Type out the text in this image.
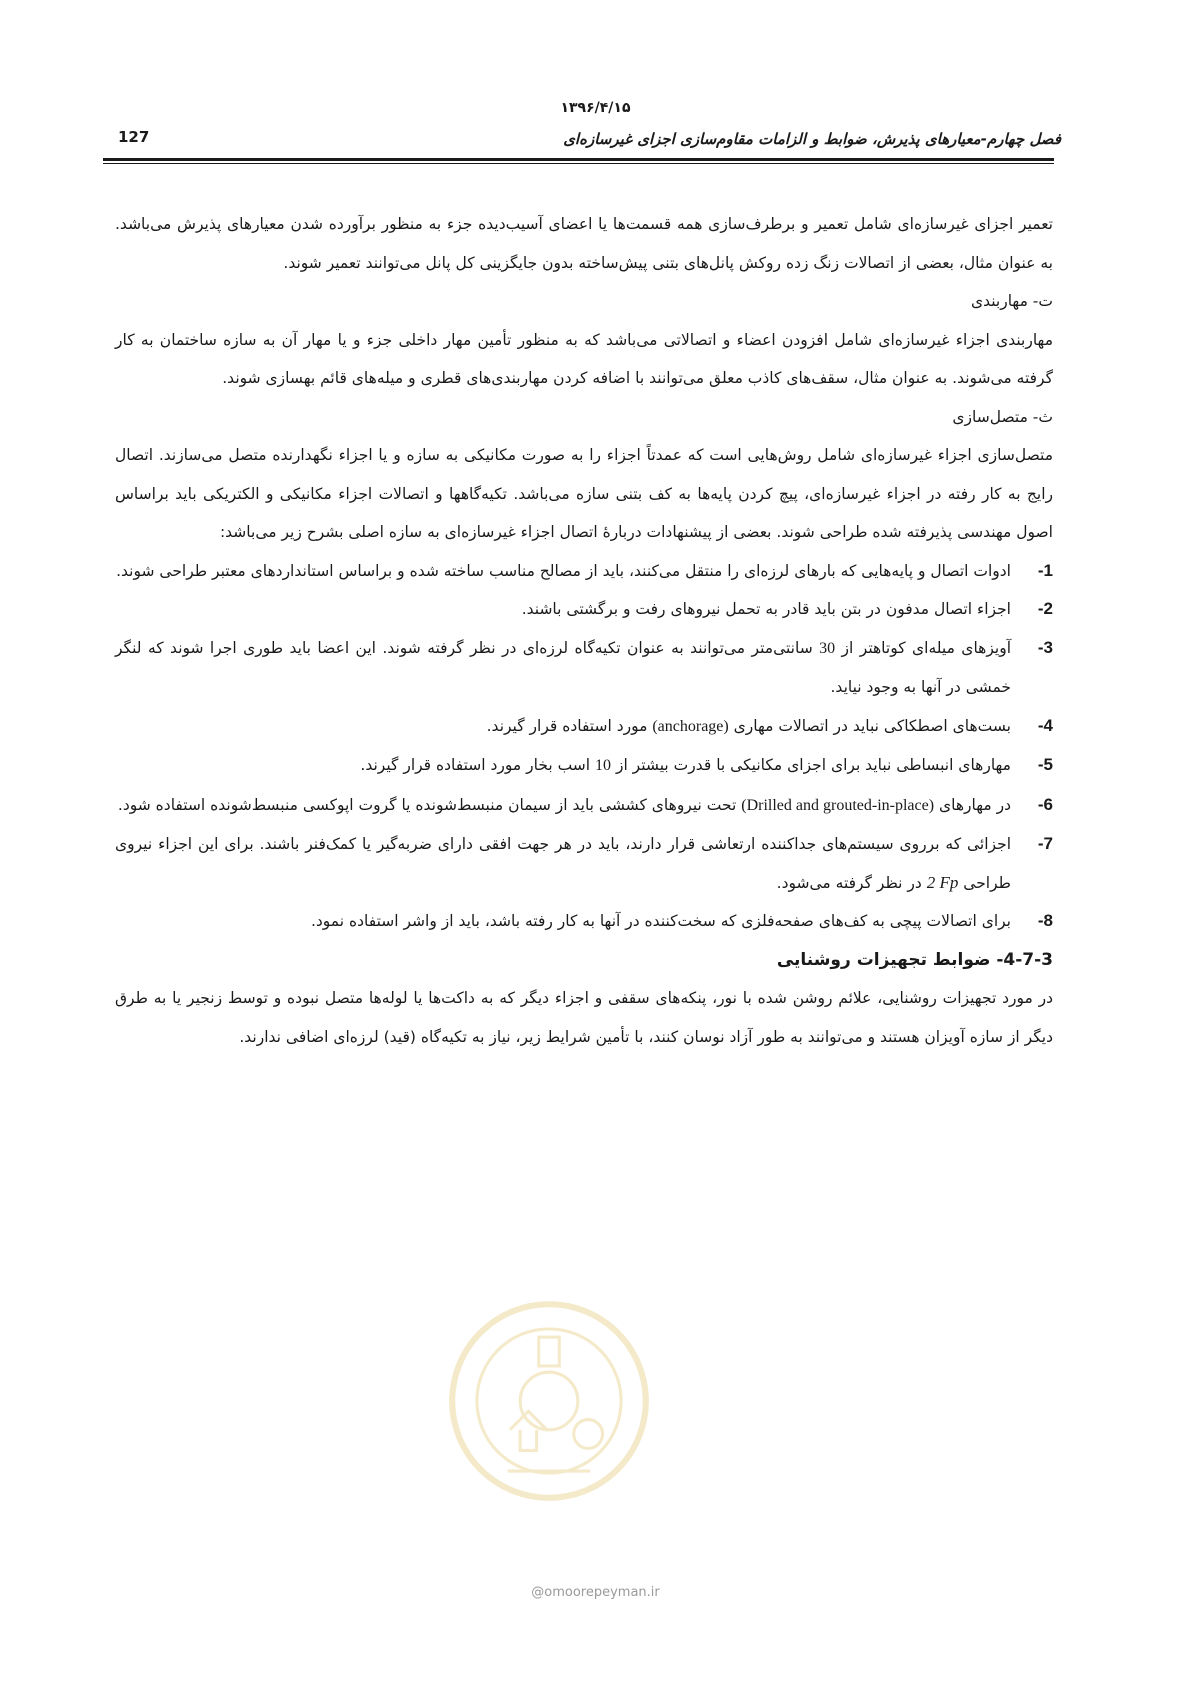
۱۳۹۶/۴/۱۵
127	فصل چهارم-معیارهای پذیرش، ضوابط و الزامات مقاوم‌سازی اجزای غیرسازه‌ای

تعمیر اجزای غیرسازه‌ای شامل تعمیر و برطرف‌سازی همه قسمت‌ها یا اعضای آسیب‌دیده جزء به منظور برآورده شدن معیارهای پذیرش می‌باشد. به عنوان مثال، بعضی از اتصالات زنگ زده روکش پانل‌های بتنی پیش‌ساخته بدون جایگزینی کل پانل می‌توانند تعمیر شوند.

ت- مهاربندی

مهاربندی اجزاء غیرسازه‌ای شامل افزودن اعضاء و اتصالاتی می‌باشد که به منظور تأمین مهار داخلی جزء و یا مهار آن به سازه ساختمان به کار گرفته می‌شوند. به عنوان مثال، سقف‌های کاذب معلق می‌توانند با اضافه کردن مهاربندی‌های قطری و میله‌های قائم بهسازی شوند.

ث- متصل‌سازی

متصل‌سازی اجزاء غیرسازه‌ای شامل روش‌هایی است که عمدتاً اجزاء را به صورت مکانیکی به سازه و یا اجزاء نگهدارنده متصل می‌سازند. اتصال رایج به کار رفته در اجزاء غیرسازه‌ای، پیچ کردن پایه‌ها به کف بتنی سازه می‌باشد. تکیه‌گاهها و اتصالات اجزاء مکانیکی و الکتریکی باید براساس اصول مهندسی پذیرفته شده طراحی شوند. بعضی از پیشنهادات دربارهٔ اتصال اجزاء غیرسازه‌ای به سازه اصلی بشرح زیر می‌باشد:

1-
ادوات اتصال و پایه‌هایی که بارهای لرزه‌ای را منتقل می‌کنند، باید از مصالح مناسب ساخته شده و براساس استانداردهای معتبر طراحی شوند.
2-
اجزاء اتصال مدفون در بتن باید قادر به تحمل نیروهای رفت و برگشتی باشند.
3-
آویزهای میله‌ای کوتاهتر از 30 سانتی‌متر می‌توانند به عنوان تکیه‌گاه لرزه‌ای در نظر گرفته شوند. این اعضا باید طوری اجرا شوند که لنگر خمشی در آنها به وجود نیاید.
4-
بست‌های اصطکاکی نباید در اتصالات مهاری (anchorage) مورد استفاده قرار گیرند.
5-
مهارهای انبساطی نباید برای اجزای مکانیکی با قدرت بیشتر از 10 اسب بخار مورد استفاده قرار گیرند.
6-
در مهارهای (Drilled and grouted-in-place) تحت نیروهای کششی باید از سیمان منبسط‌شونده یا گروت اپوکسی منبسط‌شونده استفاده شود.
7-
اجزائی که برروی سیستم‌های جداکننده ارتعاشی قرار دارند، باید در هر جهت افقی دارای ضربه‌گیر یا کمک‌فنر باشند. برای این اجزاء نیروی طراحی 2 Fp در نظر گرفته می‌شود.
8-
برای اتصالات پیچی به کف‌های صفحه‌فلزی که سخت‌کننده در آنها به کار رفته باشد، باید از واشر استفاده نمود.

4-7-3- ضوابط تجهیزات روشنایی

در مورد تجهیزات روشنایی، علائم روشن شده با نور، پنکه‌های سقفی و اجزاء دیگر که به داکت‌ها یا لوله‌ها متصل نبوده و توسط زنجیر یا به طرق دیگر از سازه آویزان هستند و می‌توانند به طور آزاد نوسان کنند، با تأمین شرایط زیر، نیاز به تکیه‌گاه (قید) لرزه‌ای اضافی ندارند.

@omoorepeyman.ir
